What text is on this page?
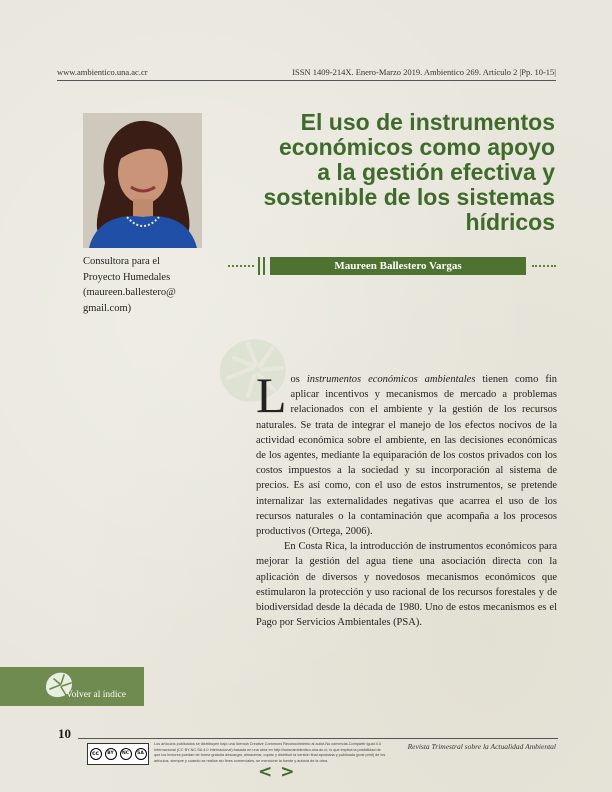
www.ambientico.una.ac.cr	ISSN 1409-214X. Enero-Marzo 2019. Ambientico 269. Artículo 2 |Pp. 10-15|
Consultora para el
Proyecto Humedales
(maureen.ballestero@
gmail.com)
El uso de instrumentos
económicos como apoyo
a la gestión efectiva y
sostenible de los sistemas
hídricos
Maureen Ballestero Vargas

Los instrumentos económicos ambientales tienen como fin aplicar incentivos y mecanismos de mercado a problemas relacionados con el ambiente y la gestión de los recursos naturales. Se trata de integrar el manejo de los efectos nocivos de la actividad económica sobre el ambiente, en las decisiones económicas de los agentes, mediante la equiparación de los costos privados con los costos impuestos a la sociedad y su incorporación al sistema de precios. Es así como, con el uso de estos instrumentos, se pretende internalizar las externalidades negativas que acarrea el uso de los recursos naturales o la contaminación que acompaña a los procesos productivos (Ortega, 2006).

En Costa Rica, la introducción de instrumentos económicos para mejorar la gestión del agua tiene una asociación directa con la aplicación de diversos y novedosos mecanismos económicos que estimularon la protección y uso racional de los recursos forestales y de biodiversidad desde la década de 1980. Uno de estos mecanismos es el Pago por Servicios Ambientales (PSA).

Volver al índice
10
cc	BY	NC	SA
Los artículos publicados se distribuyen bajo una licencia Creative Commons Reconocimiento al autor-No comercial-Compartir igual 4.0 Internacional (CC BY-NC-SA 4.0 Internacional) basada en una obra en http://www.ambientico.una.ac.cr, lo que implica la posibilidad de que los lectores puedan de forma gratuita descargar, almacenar, copiar y distribuir la versión final aprobada y publicada (post print) de los artículos, siempre y cuando se realice sin fines comerciales, se mencione la fuente y autoría de la obra.
Revista Trimestral sobre la Actualidad Ambiental
< >
